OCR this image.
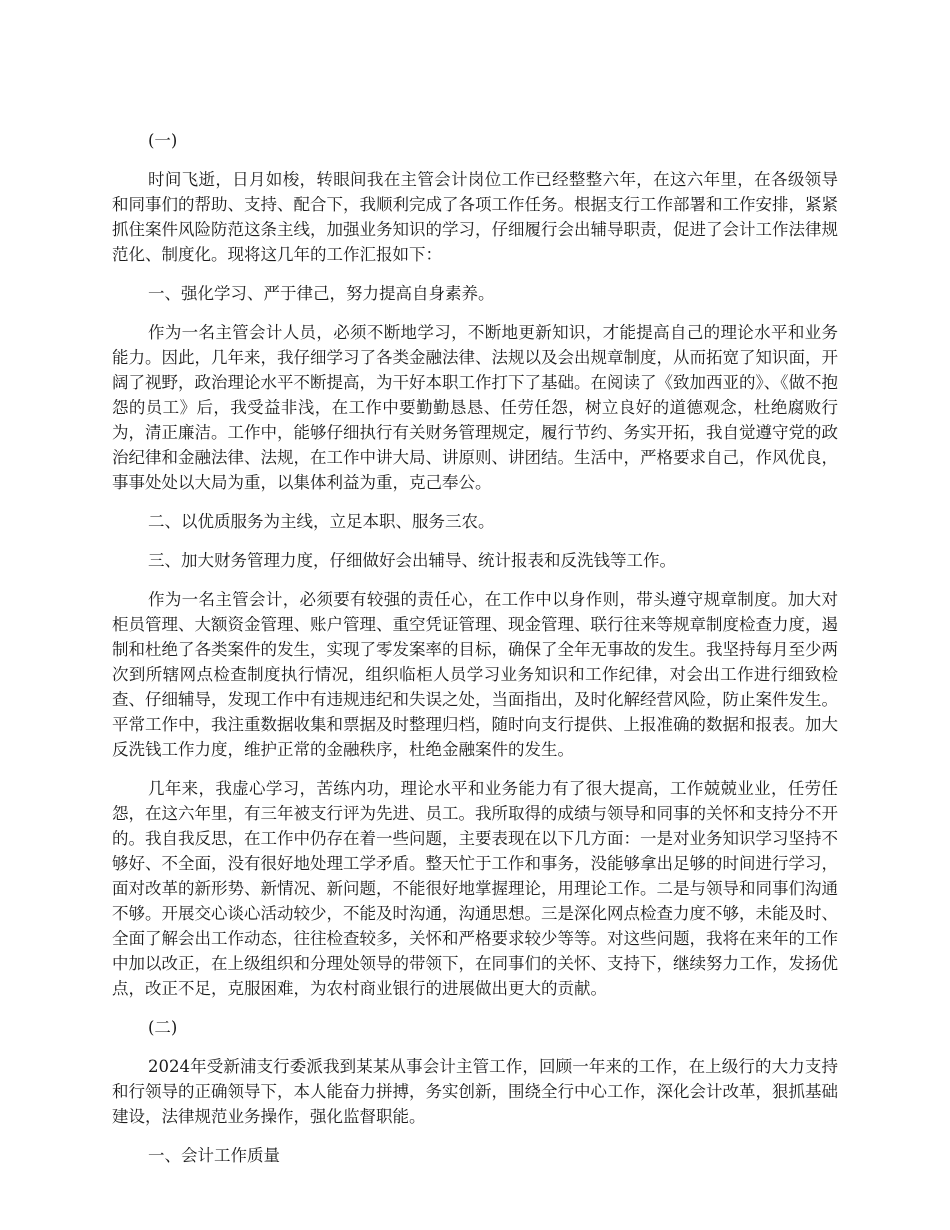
(一)

时间飞逝，日月如梭，转眼间我在主管会计岗位工作已经整整六年，在这六年里，在各级领导和同事们的帮助、支持、配合下，我顺利完成了各项工作任务。根据支行工作部署和工作安排，紧紧抓住案件风险防范这条主线，加强业务知识的学习，仔细履行会出辅导职责，促进了会计工作法律规范化、制度化。现将这几年的工作汇报如下：

一、强化学习、严于律己，努力提高自身素养。

作为一名主管会计人员，必须不断地学习，不断地更新知识，才能提高自己的理论水平和业务能力。因此，几年来，我仔细学习了各类金融法律、法规以及会出规章制度，从而拓宽了知识面，开阔了视野，政治理论水平不断提高，为干好本职工作打下了基础。在阅读了《致加西亚的》、《做不抱怨的员工》后，我受益非浅，在工作中要勤勤恳恳、任劳任怨，树立良好的道德观念，杜绝腐败行为，清正廉洁。工作中，能够仔细执行有关财务管理规定，履行节约、务实开拓，我自觉遵守党的政治纪律和金融法律、法规，在工作中讲大局、讲原则、讲团结。生活中，严格要求自己，作风优良，事事处处以大局为重，以集体利益为重，克己奉公。

二、以优质服务为主线，立足本职、服务三农。

三、加大财务管理力度，仔细做好会出辅导、统计报表和反洗钱等工作。

作为一名主管会计，必须要有较强的责任心，在工作中以身作则，带头遵守规章制度。加大对柜员管理、大额资金管理、账户管理、重空凭证管理、现金管理、联行往来等规章制度检查力度，遏制和杜绝了各类案件的发生，实现了零发案率的目标，确保了全年无事故的发生。我坚持每月至少两次到所辖网点检查制度执行情况，组织临柜人员学习业务知识和工作纪律，对会出工作进行细致检查、仔细辅导，发现工作中有违规违纪和失误之处，当面指出，及时化解经营风险，防止案件发生。平常工作中，我注重数据收集和票据及时整理归档，随时向支行提供、上报准确的数据和报表。加大反洗钱工作力度，维护正常的金融秩序，杜绝金融案件的发生。

几年来，我虚心学习，苦练内功，理论水平和业务能力有了很大提高，工作兢兢业业，任劳任怨，在这六年里，有三年被支行评为先进、员工。我所取得的成绩与领导和同事的关怀和支持分不开的。我自我反思，在工作中仍存在着一些问题，主要表现在以下几方面：一是对业务知识学习坚持不够好、不全面，没有很好地处理工学矛盾。整天忙于工作和事务，没能够拿出足够的时间进行学习，面对改革的新形势、新情况、新问题，不能很好地掌握理论，用理论工作。二是与领导和同事们沟通不够。开展交心谈心活动较少，不能及时沟通，沟通思想。三是深化网点检查力度不够，未能及时、全面了解会出工作动态，往往检查较多，关怀和严格要求较少等等。对这些问题，我将在来年的工作中加以改正，在上级组织和分理处领导的带领下，在同事们的关怀、支持下，继续努力工作，发扬优点，改正不足，克服困难，为农村商业银行的进展做出更大的贡献。

(二)

2024年受新浦支行委派我到某某从事会计主管工作，回顾一年来的工作，在上级行的大力支持和行领导的正确领导下，本人能奋力拼搏，务实创新，围绕全行中心工作，深化会计改革，狠抓基础建设，法律规范业务操作，强化监督职能。

一、会计工作质量
